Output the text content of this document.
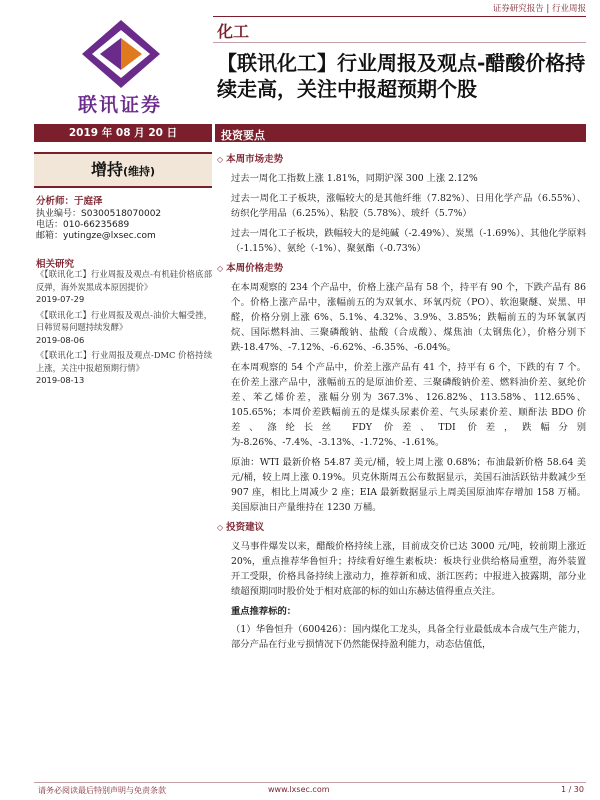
证券研究报告 | 行业周报
化工
联讯证券
【联讯化工】行业周报及观点-醋酸价格持续走高，关注中报超预期个股
2019 年 08 月 20 日	投资要点
增持(维持)
分析师：于庭泽
执业编号：S0300518070002
电话：010-66235689
邮箱：yutingze@lxsec.com
相关研究
《【联讯化工】行业周报及观点-有机硅价格底部反弹，海外炭黑成本原因提价》
2019-07-29
《【联讯化工】行业周报及观点-油价大幅受挫，日韩贸易问题持续发酵》
2019-08-06
《【联讯化工】行业周报及观点-DMC 价格持续上涨，关注中报超预期行情》
2019-08-13
◇ 本周市场走势
过去一周化工指数上涨 1.81%，同期沪深 300 上涨 2.12%
过去一周化工子板块，涨幅较大的是其他纤维（7.82%）、日用化学产品（6.55%）、纺织化学用品（6.25%）、粘胶（5.78%）、玻纤（5.7%）
过去一周化工子板块，跌幅较大的是纯碱（-2.49%）、炭黑（-1.69%）、其他化学原料（-1.15%）、氨纶（-1%）、聚氨酯（-0.73%）
◇ 本周价格走势
在本周观察的 234 个产品中，价格上涨产品有 58 个，持平有 90 个，下跌产品有 86 个。价格上涨产品中，涨幅前五的为双氧水、环氧丙烷（PO）、软泡聚醚、炭黑、甲醛，价格分别上涨 6%、5.1%、4.32%、3.9%、3.85%；跌幅前五的为环氧氯丙烷、国际燃料油、三聚磷酸钠、盐酸（合成酸）、煤焦油（太钢焦化），价格分别下跌-18.47%、-7.12%、-6.62%、-6.35%、-6.04%。
在本周观察的 54 个产品中，价差上涨产品有 41 个，持平有 6 个，下跌的有 7 个。在价差上涨产品中，涨幅前五的是原油价差、三聚磷酸钠价差、燃料油价差、氨纶价差、苯乙烯价差，涨幅分别为 367.3%、126.82%、113.58%、112.65%、105.65%；本周价差跌幅前五的是煤头尿素价差、气头尿素价差、顺酐法 BDO 价差、涤纶长丝 FDY 价差、TDI 价差，跌幅分别为-8.26%、-7.4%、-3.13%、-1.72%、-1.61%。
原油：WTI 最新价格 54.87 美元/桶，较上周上涨 0.68%；布油最新价格 58.64 美元/桶，较上周上涨 0.19%。贝克休斯周五公布数据显示，美国石油活跃钻井数减少至 907 座，相比上周减少 2 座；EIA 最新数据显示上周美国原油库存增加 158 万桶。美国原油日产量维持在 1230 万桶。
◇ 投资建议
义马事件爆发以来，醋酸价格持续上涨，目前成交价已达 3000 元/吨，较前期上涨近 20%，重点推荐华鲁恒升；持续看好维生素板块：板块行业供给格局重塑，海外装置开工受限，价格具备持续上涨动力，推荐新和成、浙江医药；中报进入披露期，部分业绩超预期同时股价处于相对底部的标的如山东赫达值得重点关注。
重点推荐标的：
（1）华鲁恒升（600426）：国内煤化工龙头，具备全行业最低成本合成气生产能力，部分产品在行业亏损情况下仍然能保持盈利能力，动态估值低，
请务必阅读最后特别声明与免责条款	www.lxsec.com	1 / 30
